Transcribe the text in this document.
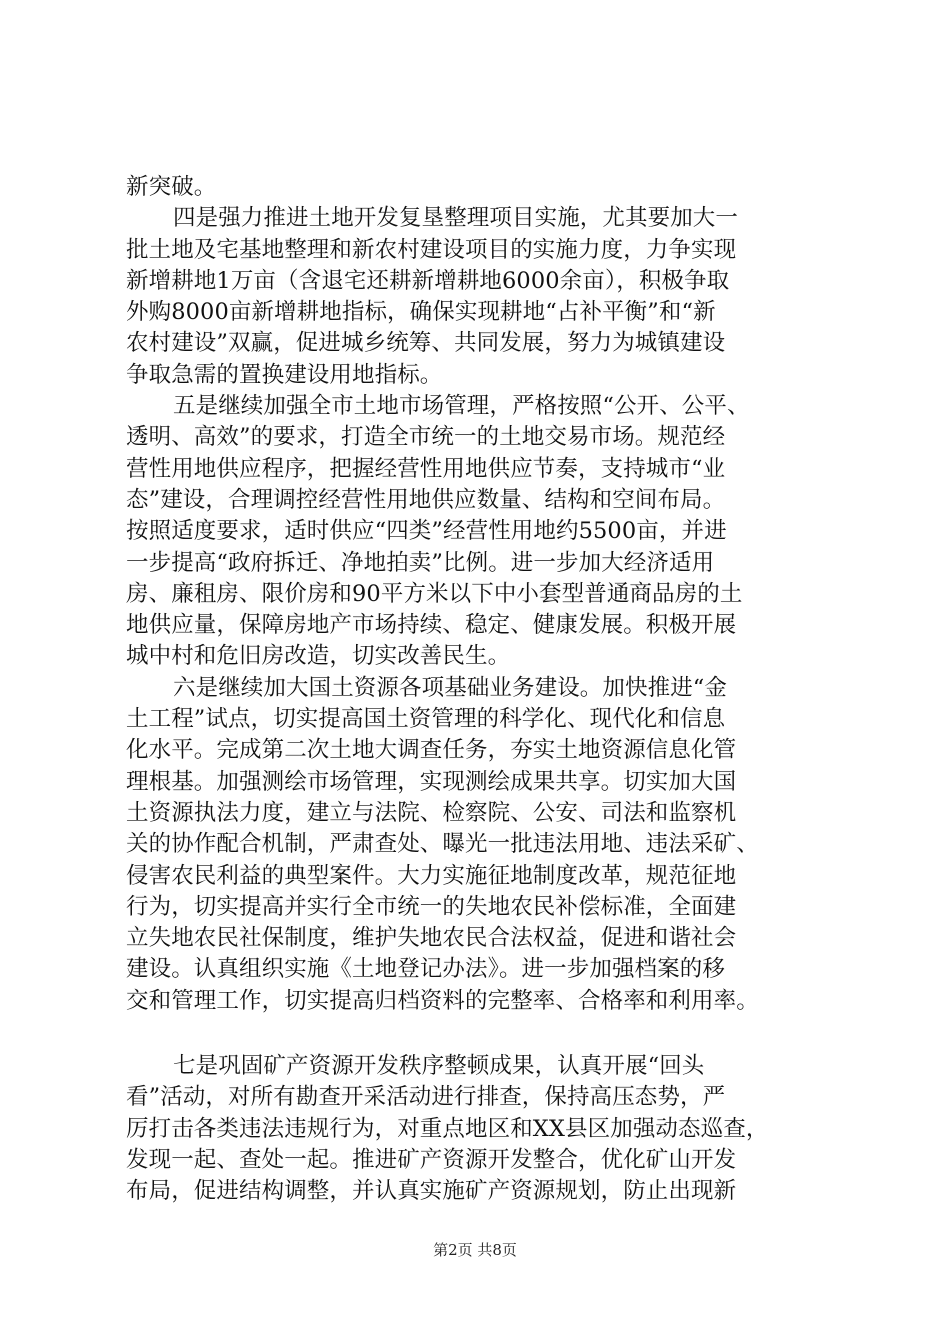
新突破。
四是强力推进土地开发复垦整理项目实施，尤其要加大一
批土地及宅基地整理和新农村建设项目的实施力度，力争实现
新增耕地1万亩（含退宅还耕新增耕地6000余亩），积极争取
外购8000亩新增耕地指标，确保实现耕地“占补平衡”和“新
农村建设”双赢，促进城乡统筹、共同发展，努力为城镇建设
争取急需的置换建设用地指标。
五是继续加强全市土地市场管理，严格按照“公开、公平、
透明、高效”的要求，打造全市统一的土地交易市场。规范经
营性用地供应程序，把握经营性用地供应节奏，支持城市“业
态”建设，合理调控经营性用地供应数量、结构和空间布局。
按照适度要求，适时供应“四类”经营性用地约5500亩，并进
一步提高“政府拆迁、净地拍卖”比例。进一步加大经济适用
房、廉租房、限价房和90平方米以下中小套型普通商品房的土
地供应量，保障房地产市场持续、稳定、健康发展。积极开展
城中村和危旧房改造，切实改善民生。
六是继续加大国土资源各项基础业务建设。加快推进“金
土工程”试点，切实提高国土资管理的科学化、现代化和信息
化水平。完成第二次土地大调查任务，夯实土地资源信息化管
理根基。加强测绘市场管理，实现测绘成果共享。切实加大国
土资源执法力度，建立与法院、检察院、公安、司法和监察机
关的协作配合机制，严肃查处、曝光一批违法用地、违法采矿、
侵害农民利益的典型案件。大力实施征地制度改革，规范征地
行为，切实提高并实行全市统一的失地农民补偿标准，全面建
立失地农民社保制度，维护失地农民合法权益，促进和谐社会
建设。认真组织实施《土地登记办法》。进一步加强档案的移
交和管理工作，切实提高归档资料的完整率、合格率和利用率。
七是巩固矿产资源开发秩序整顿成果，认真开展“回头
看”活动，对所有勘查开采活动进行排查，保持高压态势，严
厉打击各类违法违规行为，对重点地区和XX县区加强动态巡查，
发现一起、查处一起。推进矿产资源开发整合，优化矿山开发
布局，促进结构调整，并认真实施矿产资源规划，防止出现新
第2页 共8页
